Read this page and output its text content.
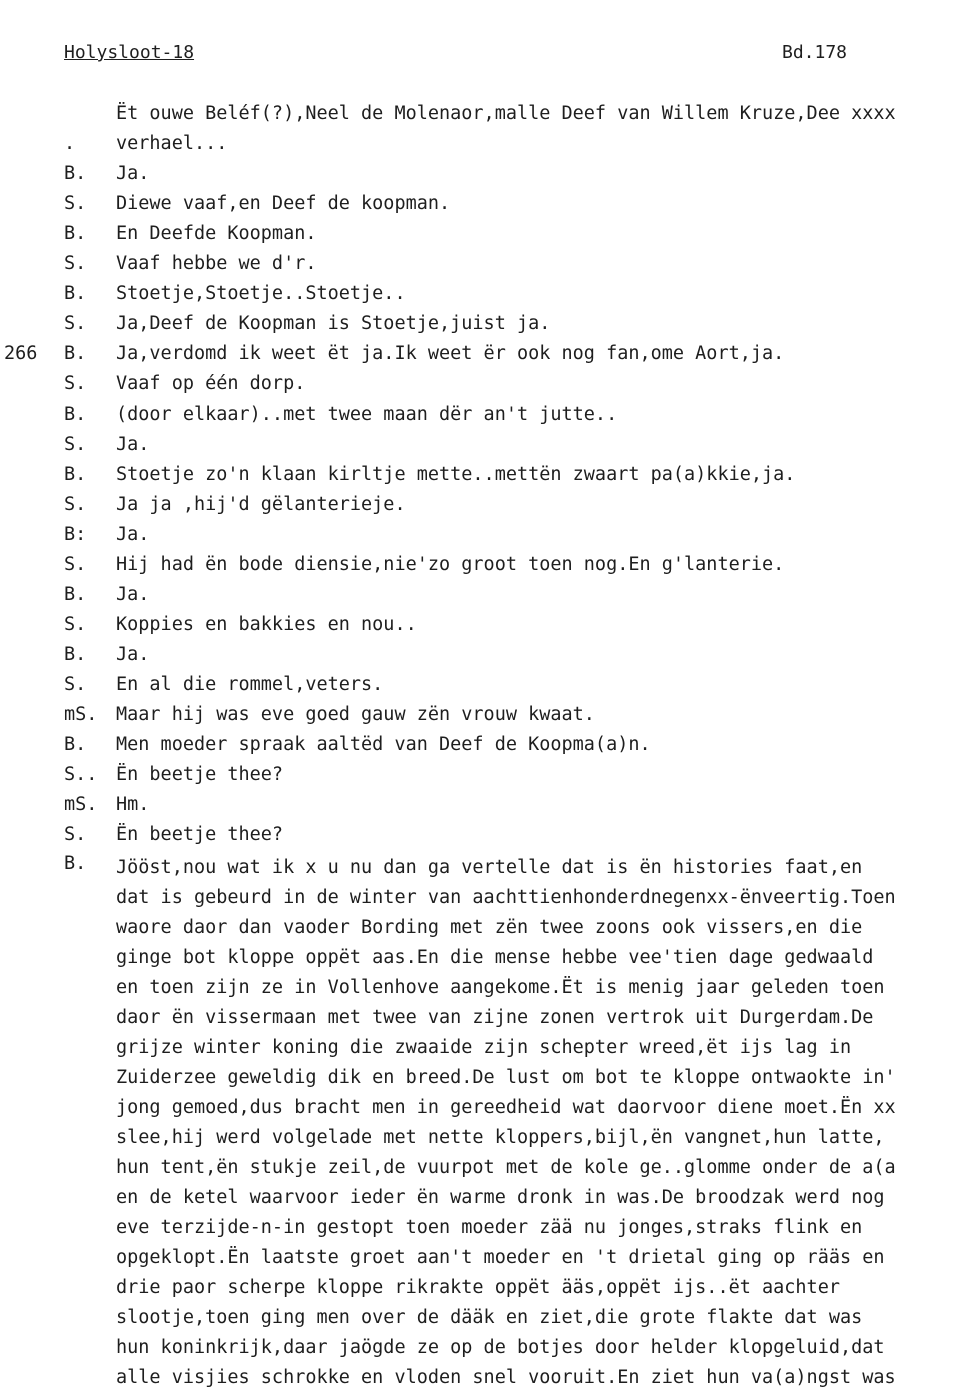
Holysloot-18	Bd.178
Ët ouwe Beléf(?),Neel de Molenaor,malle Deef van Willem Kruze,Dee xxxx
. verhael...
B. Ja.
S. Diewe vaaf,en Deef de koopman.
B. En Deefde Koopman.
S. Vaaf hebbe we d'r.
B. Stoetje,Stoetje..Stoetje..
S. Ja,Deef de Koopman is Stoetje,juist ja.
266 B. Ja,verdomd ik weet ët ja.Ik weet ër ook nog fan,ome Aort,ja.
S. Vaaf op één dorp.
B. (door elkaar)..met twee maan dër an't jutte..
S. Ja.
B. Stoetje zo'n klaan kirltje mette..mettën zwaart pa(a)kkie,ja.
S. Ja ja ,hij'd gëlanterieje.
B: Ja.
S. Hij had ën bode diensie,nie'zo groot toen nog.En g'lanterie.
B. Ja.
S. Koppies en bakkies en nou..
B. Ja.
S. En al die rommel,veters.
mS. Maar hij was eve goed gauw zën vrouw kwaat.
B. Men moeder spraak aaltëd van Deef de Koopma(a)n.
S.. Ën beetje thee?
mS. Hm.
S. Ën beetje thee?
B. Jööst,nou wat ik x u nu dan ga vertelle dat is ën histories faat,en
dat is gebeurd in de winter van aachttienhonderdnegenxx-ënveertig.Toen
waore daor dan vaoder Bording met zën twee zoons ook vissers,en die
ginge bot kloppe oppët aas.En die mense hebbe vee'tien dage gedwaald
en toen zijn ze in Vollenhove aangekome.Ët is menig jaar geleden toen
daor ën vissermaan met twee van zijne zonen vertrok uit Durgerdam.De
grijze winter koning die zwaaide zijn schepter wreed,ët ijs lag in
Zuiderzee geweldig dik en breed.De lust om bot te kloppe ontwaokte in'
jong gemoed,dus bracht men in gereedheid wat daorvoor diene moet.Ën xx
slee,hij werd volgelade met nette kloppers,bijl,ën vangnet,hun latte,
hun tent,ën stukje zeil,de vuurpot met de kole ge..glomme onder de a(a
en de ketel waarvoor ieder ën warme dronk in was.De broodzak werd nog
eve terzijde-n-in gestopt toen moeder zää nu jonges,straks flink en
opgeklopt.Ën laatste groet aan't moeder en 't drietal ging op rääs en
drie paor scherpe kloppe rikrakte oppët ääs,oppët ijs..ët aachter
slootje,toen ging men over de dääk en ziet,die grote flakte dat was
hun koninkrijk,daar jaögde ze op de botjes door helder klopgeluid,dat
alle visjies schrokke en vloden snel vooruit.En ziet hun va(a)ngst was
